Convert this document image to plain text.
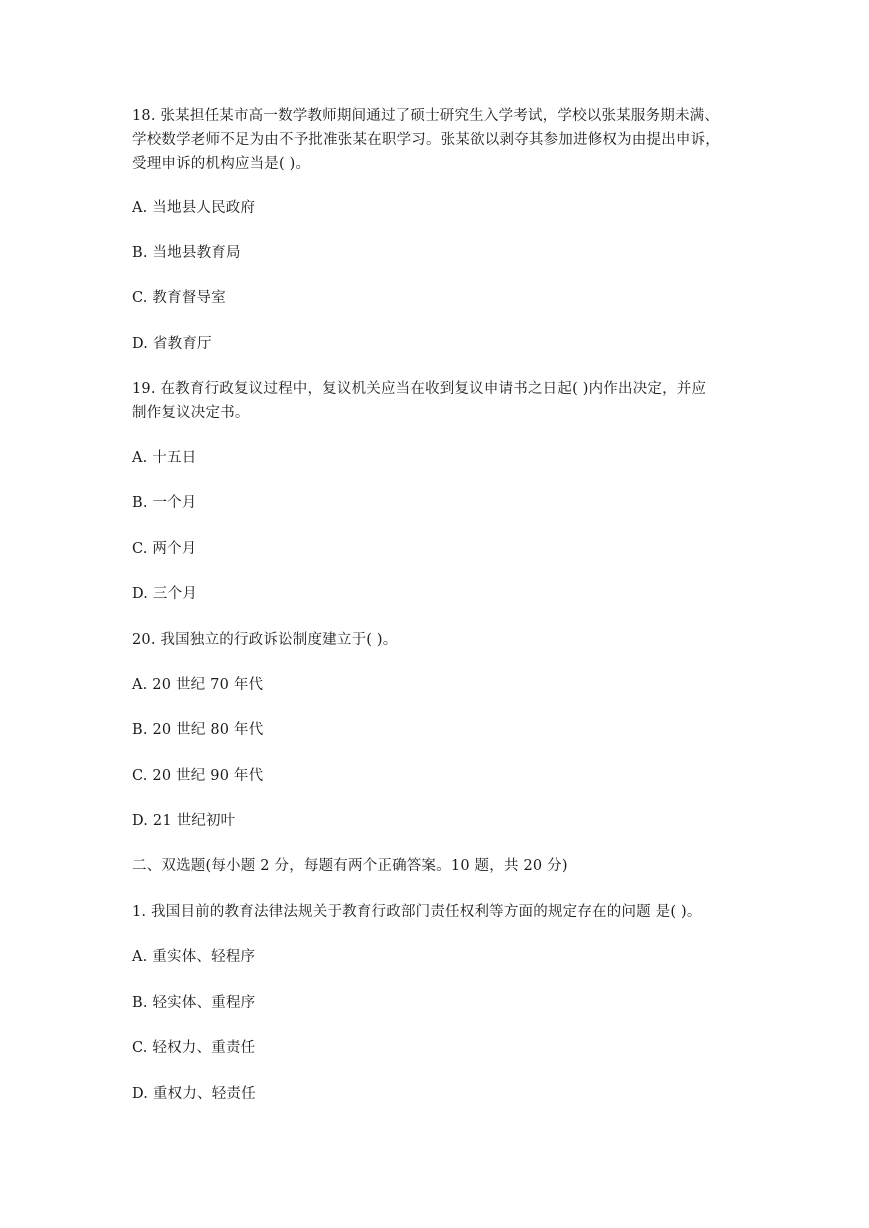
18. 张某担任某市高一数学教师期间通过了硕士研究生入学考试，学校以张某服务期未满、
学校数学老师不足为由不予批准张某在职学习。张某欲以剥夺其参加进修权为由提出申诉，
受理申诉的机构应当是( )。
A. 当地县人民政府
B. 当地县教育局
C. 教育督导室
D. 省教育厅
19. 在教育行政复议过程中，复议机关应当在收到复议申请书之日起( )内作出决定，并应
制作复议决定书。
A. 十五日
B. 一个月
C. 两个月
D. 三个月
20. 我国独立的行政诉讼制度建立于( )。
A. 20 世纪 70 年代
B. 20 世纪 80 年代
C. 20 世纪 90 年代
D. 21 世纪初叶
二、双选题(每小题 2 分，每题有两个正确答案。10 题，共 20 分)
1. 我国目前的教育法律法规关于教育行政部门责任权利等方面的规定存在的问题 是( )。
A. 重实体、轻程序
B. 轻实体、重程序
C. 轻权力、重责任
D. 重权力、轻责任
